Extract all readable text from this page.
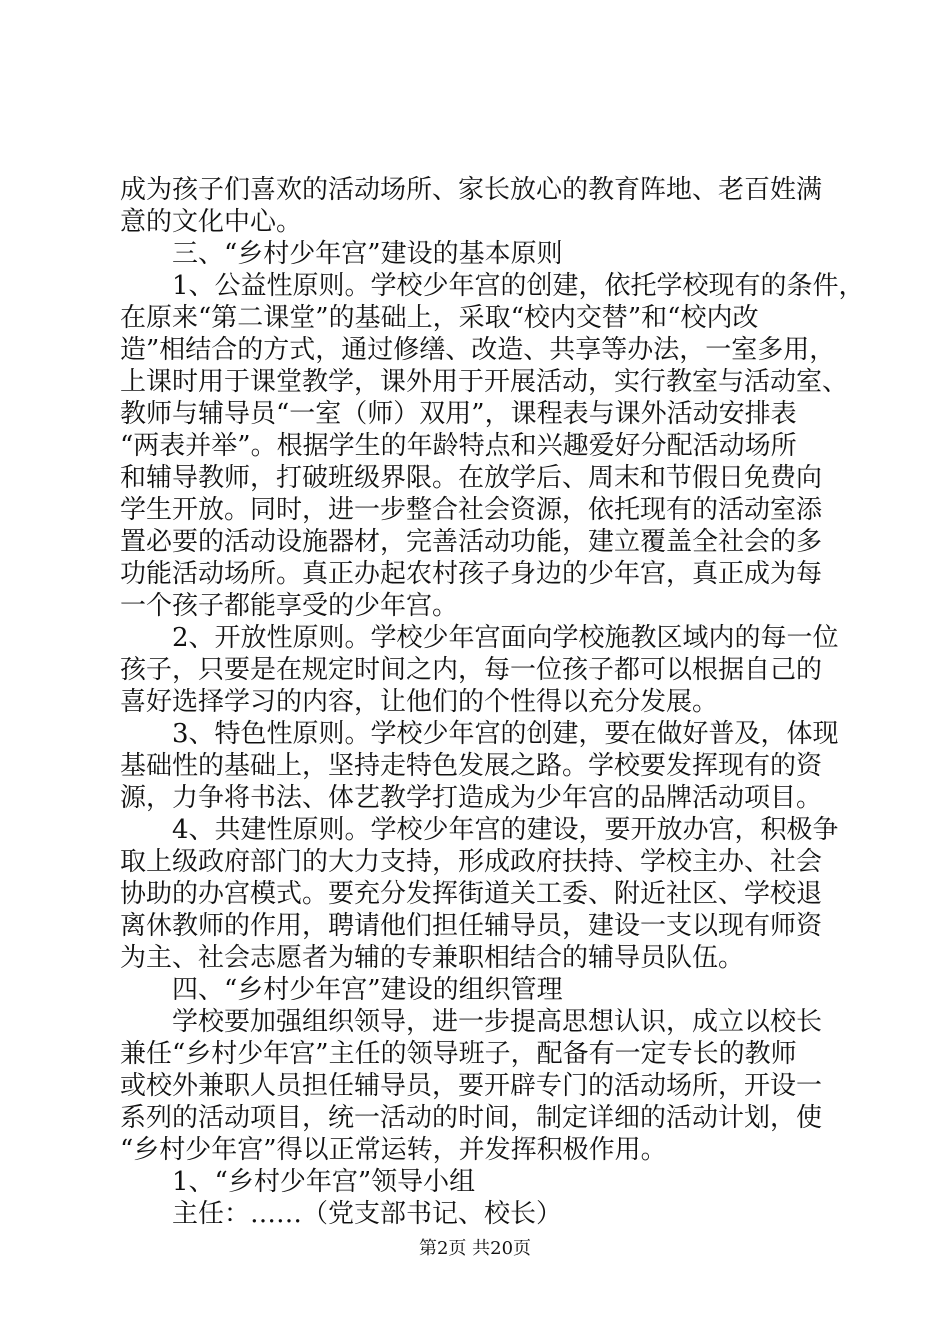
成为孩子们喜欢的活动场所、家长放心的教育阵地、老百姓满
意的文化中心。
三、“乡村少年宫”建设的基本原则
1、公益性原则。学校少年宫的创建，依托学校现有的条件，
在原来“第二课堂”的基础上，采取“校内交替”和“校内改
造”相结合的方式，通过修缮、改造、共享等办法，一室多用，
上课时用于课堂教学，课外用于开展活动，实行教室与活动室、
教师与辅导员“一室（师）双用”，课程表与课外活动安排表
“两表并举”。根据学生的年龄特点和兴趣爱好分配活动场所
和辅导教师，打破班级界限。在放学后、周末和节假日免费向
学生开放。同时，进一步整合社会资源，依托现有的活动室添
置必要的活动设施器材，完善活动功能，建立覆盖全社会的多
功能活动场所。真正办起农村孩子身边的少年宫，真正成为每
一个孩子都能享受的少年宫。
2、开放性原则。学校少年宫面向学校施教区域内的每一位
孩子，只要是在规定时间之内，每一位孩子都可以根据自己的
喜好选择学习的内容，让他们的个性得以充分发展。
3、特色性原则。学校少年宫的创建，要在做好普及，体现
基础性的基础上，坚持走特色发展之路。学校要发挥现有的资
源，力争将书法、体艺教学打造成为少年宫的品牌活动项目。
4、共建性原则。学校少年宫的建设，要开放办宫，积极争
取上级政府部门的大力支持，形成政府扶持、学校主办、社会
协助的办宫模式。要充分发挥街道关工委、附近社区、学校退
离休教师的作用，聘请他们担任辅导员，建设一支以现有师资
为主、社会志愿者为辅的专兼职相结合的辅导员队伍。
四、“乡村少年宫”建设的组织管理
学校要加强组织领导，进一步提高思想认识，成立以校长
兼任“乡村少年宫”主任的领导班子，配备有一定专长的教师
或校外兼职人员担任辅导员，要开辟专门的活动场所，开设一
系列的活动项目，统一活动的时间，制定详细的活动计划，使
“乡村少年宫”得以正常运转，并发挥积极作用。
1、“乡村少年宫”领导小组
主任：……（党支部书记、校长）
第2页 共20页
